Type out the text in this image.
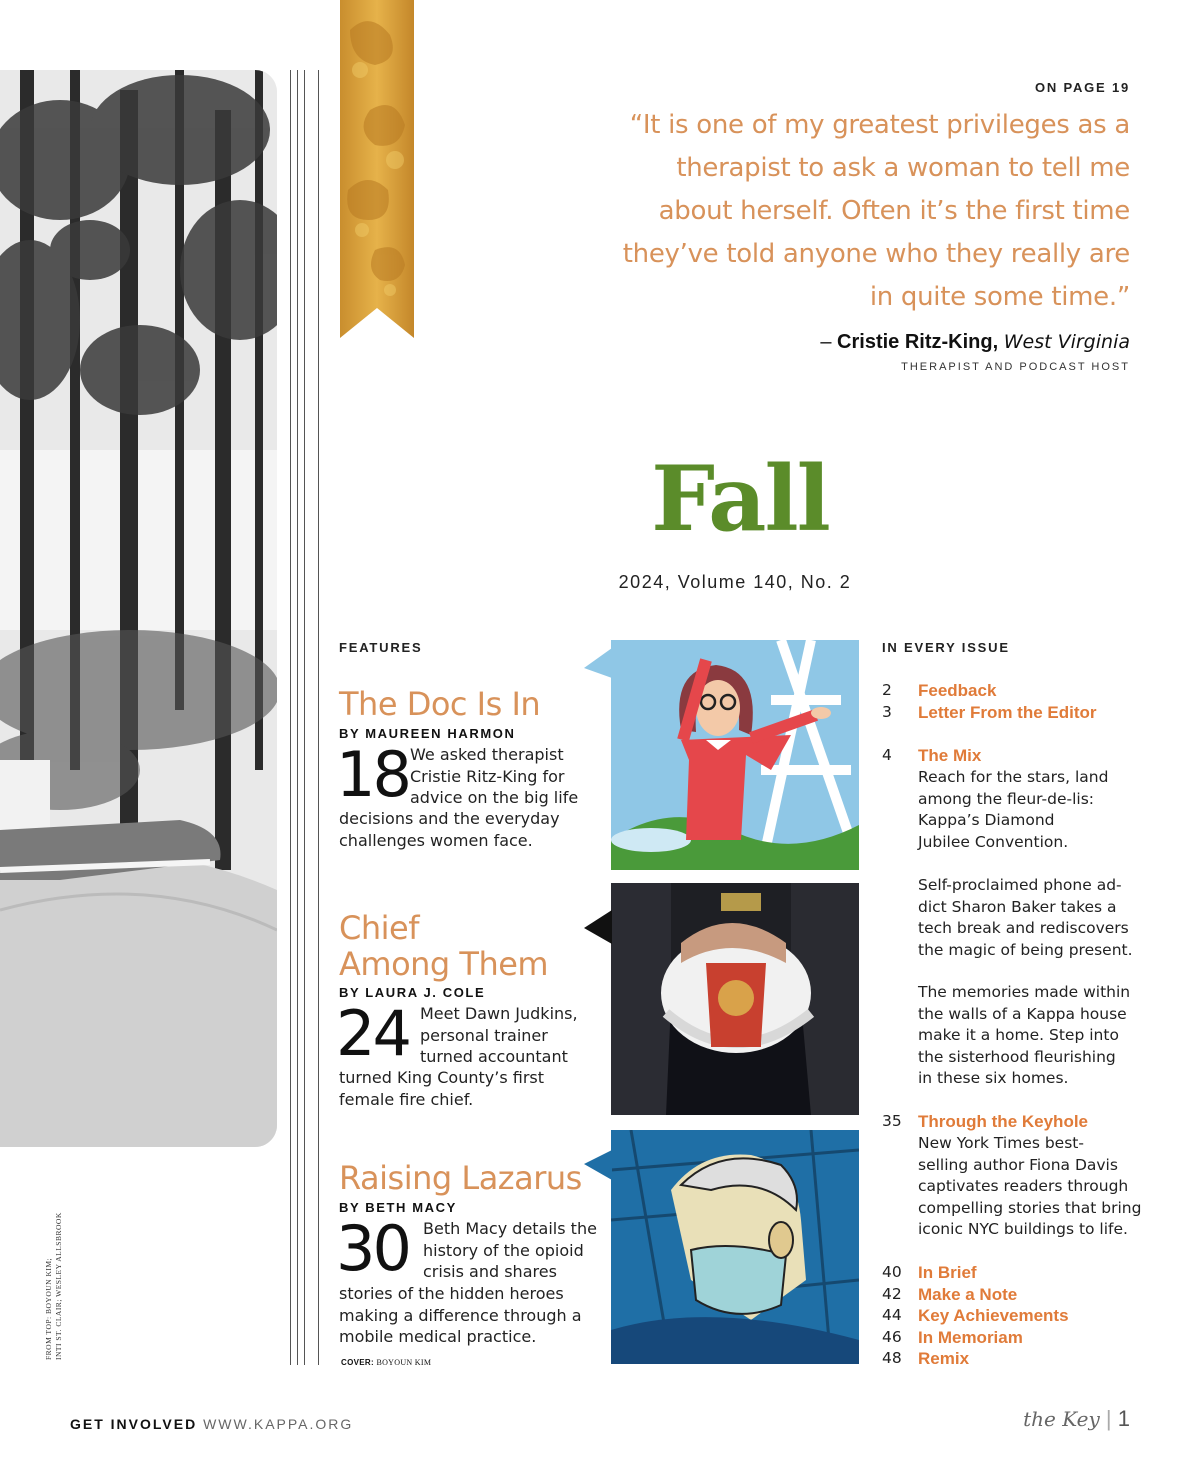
ON PAGE 19
“It is one of my greatest privileges as a therapist to ask a woman to tell me about herself. Often it’s the first time they’ve told anyone who they really are in quite some time.”
– Cristie Ritz-King, West Virginia
THERAPIST AND PODCAST HOST
Fall
2024, Volume 140, No. 2
FEATURES	IN EVERY ISSUE
The Doc Is In
BY MAUREEN HARMON
18 We asked therapist
Cristie Ritz-King for
advice on the big life
decisions and the everyday
challenges women face.
Chief
Among Them
BY LAURA J. COLE
24 Meet Dawn Judkins,
personal trainer
turned accountant
turned King County’s first
female fire chief.
Raising Lazarus
BY BETH MACY
30 Beth Macy details the
history of the opioid
crisis and shares
stories of the hidden heroes
making a difference through a
mobile medical practice.
2	Feedback
3	Letter From the Editor
4	The Mix
Reach for the stars, land
among the fleur-de-lis:
Kappa’s Diamond
Jubilee Convention.
Self-proclaimed phone ad-
dict Sharon Baker takes a
tech break and rediscovers
the magic of being present.
The memories made within
the walls of a Kappa house
make it a home. Step into
the sisterhood fleurishing
in these six homes.
35 Through the Keyhole
New York Times best-
selling author Fiona Davis
captivates readers through
compelling stories that bring
iconic NYC buildings to life.
40 In Brief
42 Make a Note
44 Key Achievements
46 In Memoriam
48 Remix
FROM TOP: BOYOUN KIM; INTI ST. CLAIR; WESLEY ALLSBROOK
COVER: BOYOUN KIM
GET INVOLVED WWW.KAPPA.ORG	the Key | 1
